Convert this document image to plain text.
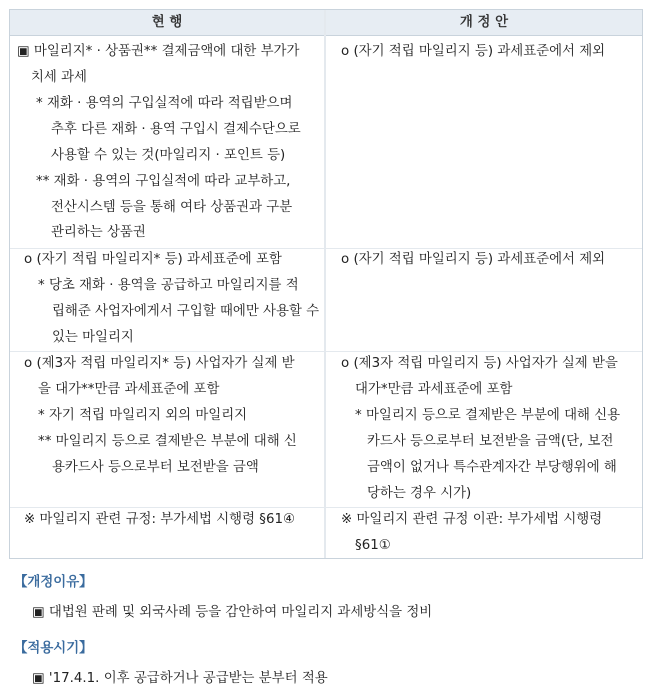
현 행	개 정 안
▣ 마일리지* · 상품권** 결제금액에 대한 부가가
치세 과세
* 재화 · 용역의 구입실적에 따라 적립받으며
추후 다른 재화 · 용역 구입시 결제수단으로
사용할 수 있는 것(마일리지 · 포인트 등)
** 재화 · 용역의 구입실적에 따라 교부하고,
전산시스템 등을 통해 여타 상품권과 구분
관리하는 상품권
o (자기 적립 마일리지 등) 과세표준에서 제외
o (자기 적립 마일리지* 등) 과세표준에 포함
* 당초 재화 · 용역을 공급하고 마일리지를 적
립해준 사업자에게서 구입할 때에만 사용할 수
있는 마일리지
o (자기 적립 마일리지 등) 과세표준에서 제외
o (제3자 적립 마일리지* 등) 사업자가 실제 받
을 대가**만큼 과세표준에 포함
* 자기 적립 마일리지 외의 마일리지
** 마일리지 등으로 결제받은 부분에 대해 신
용카드사 등으로부터 보전받을 금액
o (제3자 적립 마일리지 등) 사업자가 실제 받을
대가*만큼 과세표준에 포함
* 마일리지 등으로 결제받은 부분에 대해 신용
카드사 등으로부터 보전받을 금액(단, 보전
금액이 없거나 특수관계자간 부당행위에 해
당하는 경우 시가)
※ 마일리지 관련 규정: 부가세법 시행령 §61④	※ 마일리지 관련 규정 이관: 부가세법 시행령
§61①
【개정이유】
▣ 대법원 판례 및 외국사례 등을 감안하여 마일리지 과세방식을 정비
【적용시기】
▣ '17.4.1. 이후 공급하거나 공급받는 분부터 적용
